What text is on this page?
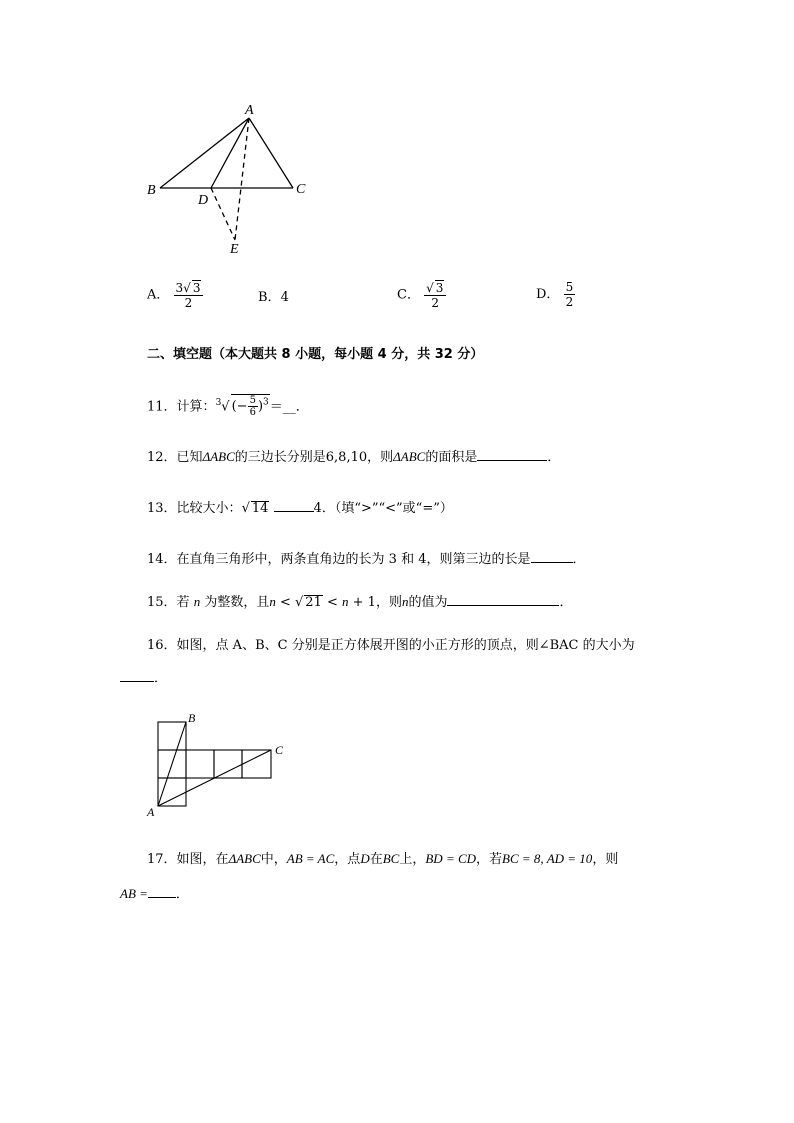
A
B	C
D
E
A． $\frac{3√ 3}{2}$	B．4	C． $\frac{√ 3}{2}$	D． $\frac{5}{2}$
二、填空题（本大题共 8 小题，每小题 4 分，共 32 分）
11．计算：$^3$√ (− $\frac{5}{6}$ )$^3$＝__．
12．已知ΔABC的三边长分别是6,8,10，则ΔABC的面积是	．
13．比较大小：√ 14	4．（填“>”“<”或“=”）
14．在直角三角形中，两条直角边的长为 3 和 4，则第三边的长是	．
15．若 n 为整数，且n < √ 21 < n + 1，则n的值为	．
16．如图，点 A、B、C 分别是正方体展开图的小正方形的顶点，则∠BAC 的大小为
．
B
C
A
17．如图，在ΔABC中，AB = AC，点D在BC上，BD = CD，若BC = 8, AD = 10，则
AB = ．
